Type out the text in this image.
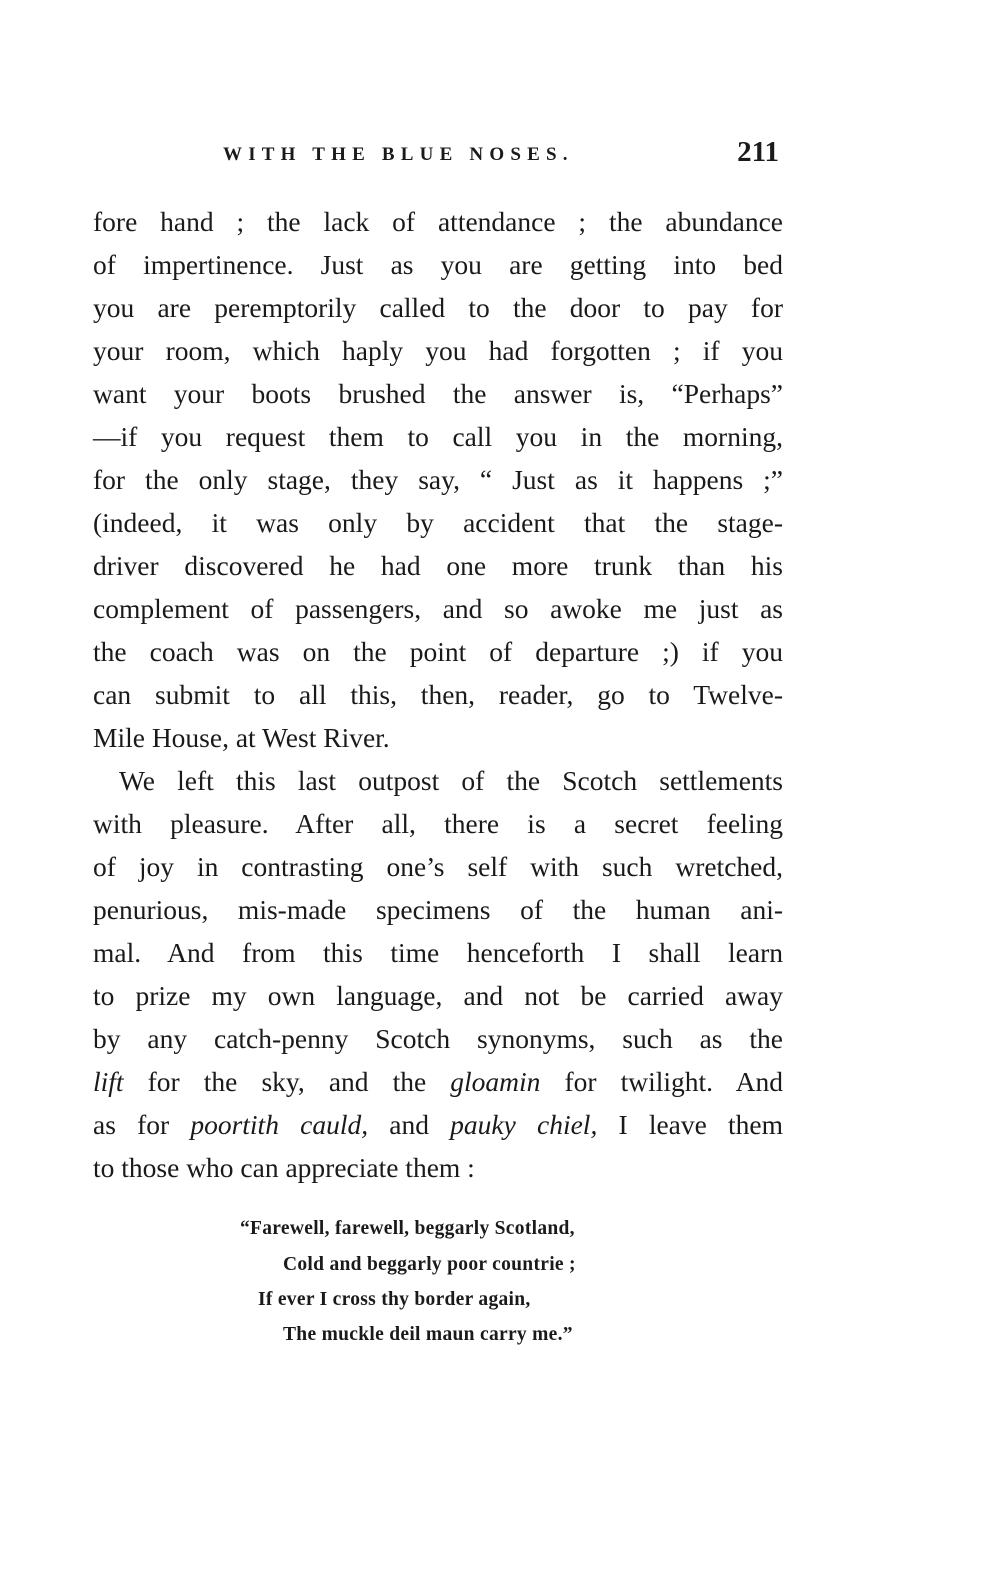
WITH THE BLUE NOSES.	211
fore hand ; the lack of attendance ; the abundance
of impertinence. Just as you are getting into bed
you are peremptorily called to the door to pay for
your room, which haply you had forgotten ; if you
want your boots brushed the answer is, “Perhaps”
—if you request them to call you in the morning,
for the only stage, they say, “ Just as it happens ;”
(indeed, it was only by accident that the stage-
driver discovered he had one more trunk than his
complement of passengers, and so awoke me just as
the coach was on the point of departure ;) if you
can submit to all this, then, reader, go to Twelve-
Mile House, at West River.
We left this last outpost of the Scotch settlements
with pleasure. After all, there is a secret feeling
of joy in contrasting one’s self with such wretched,
penurious, mis-made specimens of the human ani-
mal. And from this time henceforth I shall learn
to prize my own language, and not be carried away
by any catch-penny Scotch synonyms, such as the
lift for the sky, and the gloamin for twilight. And
as for poortith cauld, and pauky chiel, I leave them
to those who can appreciate them :
“Farewell, farewell, beggarly Scotland,
Cold and beggarly poor countrie ;
If ever I cross thy border again,
The muckle deil maun carry me.”
